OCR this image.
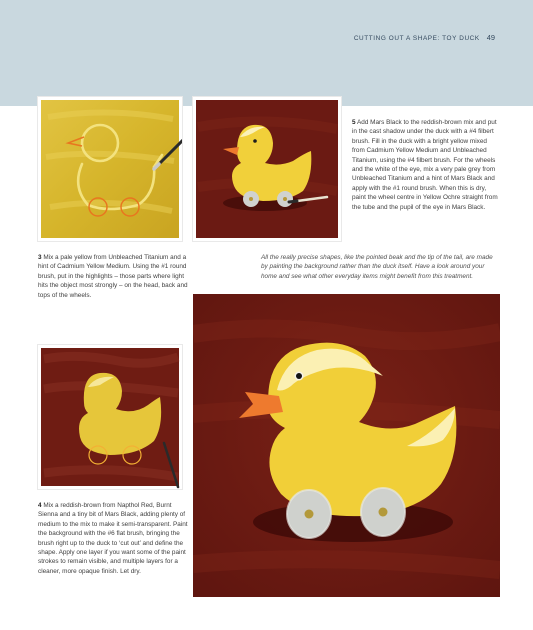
CUTTING OUT A SHAPE: TOY DUCK 49
5 Add Mars Black to the reddish-brown mix and put in the cast shadow under the duck with a #4 filbert brush. Fill in the duck with a bright yellow mixed from Cadmium Yellow Medium and Unbleached Titanium, using the #4 filbert brush. For the wheels and the white of the eye, mix a very pale grey from Unbleached Titanium and a hint of Mars Black and apply with the #1 round brush. When this is dry, paint the wheel centre in Yellow Ochre straight from the tube and the pupil of the eye in Mars Black.
3 Mix a pale yellow from Unbleached Titanium and a hint of Cadmium Yellow Medium. Using the #1 round brush, put in the highlights – those parts where light hits the object most strongly – on the head, back and tops of the wheels.
All the really precise shapes, like the pointed beak and the tip of the tail, are made by painting the background rather than the duck itself. Have a look around your home and see what other everyday items might benefit from this treatment.
4 Mix a reddish-brown from Napthol Red, Burnt Sienna and a tiny bit of Mars Black, adding plenty of medium to the mix to make it semi-transparent. Paint the background with the #6 flat brush, bringing the brush right up to the duck to ‘cut out’ and define the shape. Apply one layer if you want some of the paint strokes to remain visible, and multiple layers for a cleaner, more opaque finish. Let dry.
